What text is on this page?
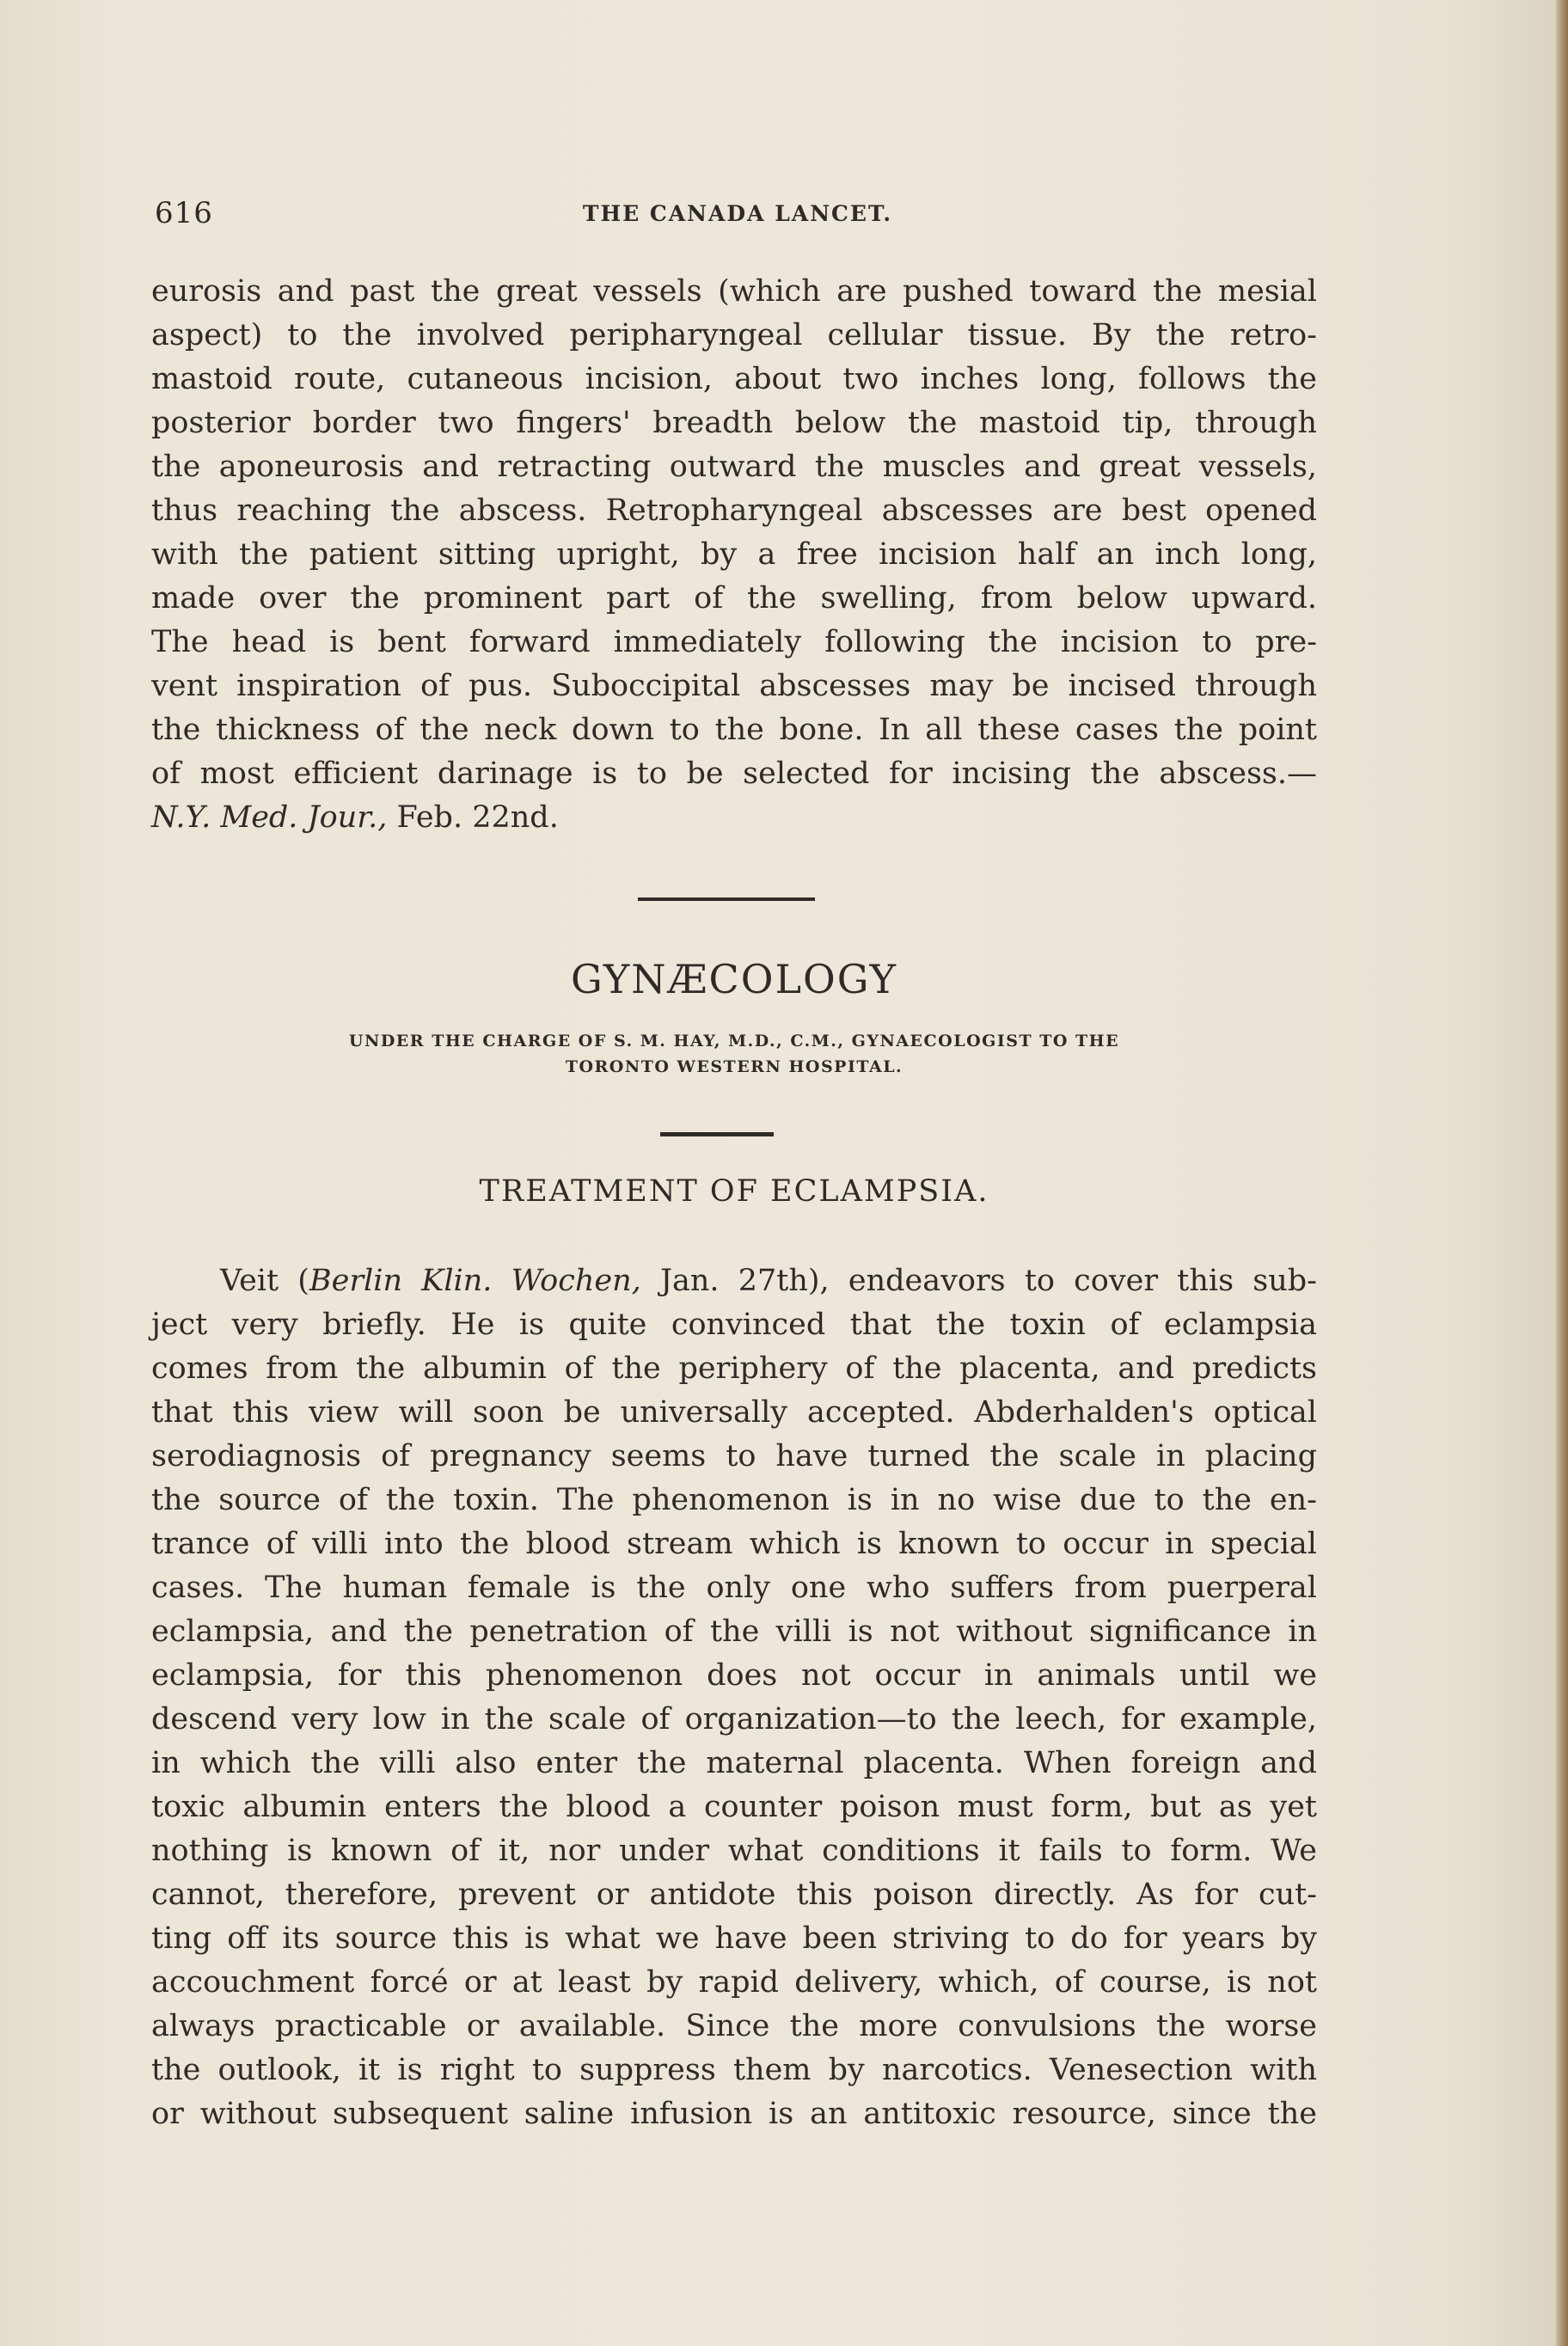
616	THE CANADA LANCET.
eurosis and past the great vessels (which are pushed toward the mesial
aspect) to the involved peripharyngeal cellular tissue. By the retro-
mastoid route, cutaneous incision, about two inches long, follows the
posterior border two fingers' breadth below the mastoid tip, through
the aponeurosis and retracting outward the muscles and great vessels,
thus reaching the abscess. Retropharyngeal abscesses are best opened
with the patient sitting upright, by a free incision half an inch long,
made over the prominent part of the swelling, from below upward.
The head is bent forward immediately following the incision to pre-
vent inspiration of pus. Suboccipital abscesses may be incised through
the thickness of the neck down to the bone. In all these cases the point
of most efficient darinage is to be selected for incising the abscess.—
N.Y. Med. Jour., Feb. 22nd.
GYNÆCOLOGY
UNDER THE CHARGE OF S. M. HAY, M.D., C.M., GYNAECOLOGIST TO THE
TORONTO WESTERN HOSPITAL.
TREATMENT OF ECLAMPSIA.
Veit (Berlin Klin. Wochen, Jan. 27th), endeavors to cover this sub-
ject very briefly. He is quite convinced that the toxin of eclampsia
comes from the albumin of the periphery of the placenta, and predicts
that this view will soon be universally accepted. Abderhalden's optical
serodiagnosis of pregnancy seems to have turned the scale in placing
the source of the toxin. The phenomenon is in no wise due to the en-
trance of villi into the blood stream which is known to occur in special
cases. The human female is the only one who suffers from puerperal
eclampsia, and the penetration of the villi is not without significance in
eclampsia, for this phenomenon does not occur in animals until we
descend very low in the scale of organization—to the leech, for example,
in which the villi also enter the maternal placenta. When foreign and
toxic albumin enters the blood a counter poison must form, but as yet
nothing is known of it, nor under what conditions it fails to form. We
cannot, therefore, prevent or antidote this poison directly. As for cut-
ting off its source this is what we have been striving to do for years by
accouchment forcé or at least by rapid delivery, which, of course, is not
always practicable or available. Since the more convulsions the worse
the outlook, it is right to suppress them by narcotics. Venesection with
or without subsequent saline infusion is an antitoxic resource, since the
